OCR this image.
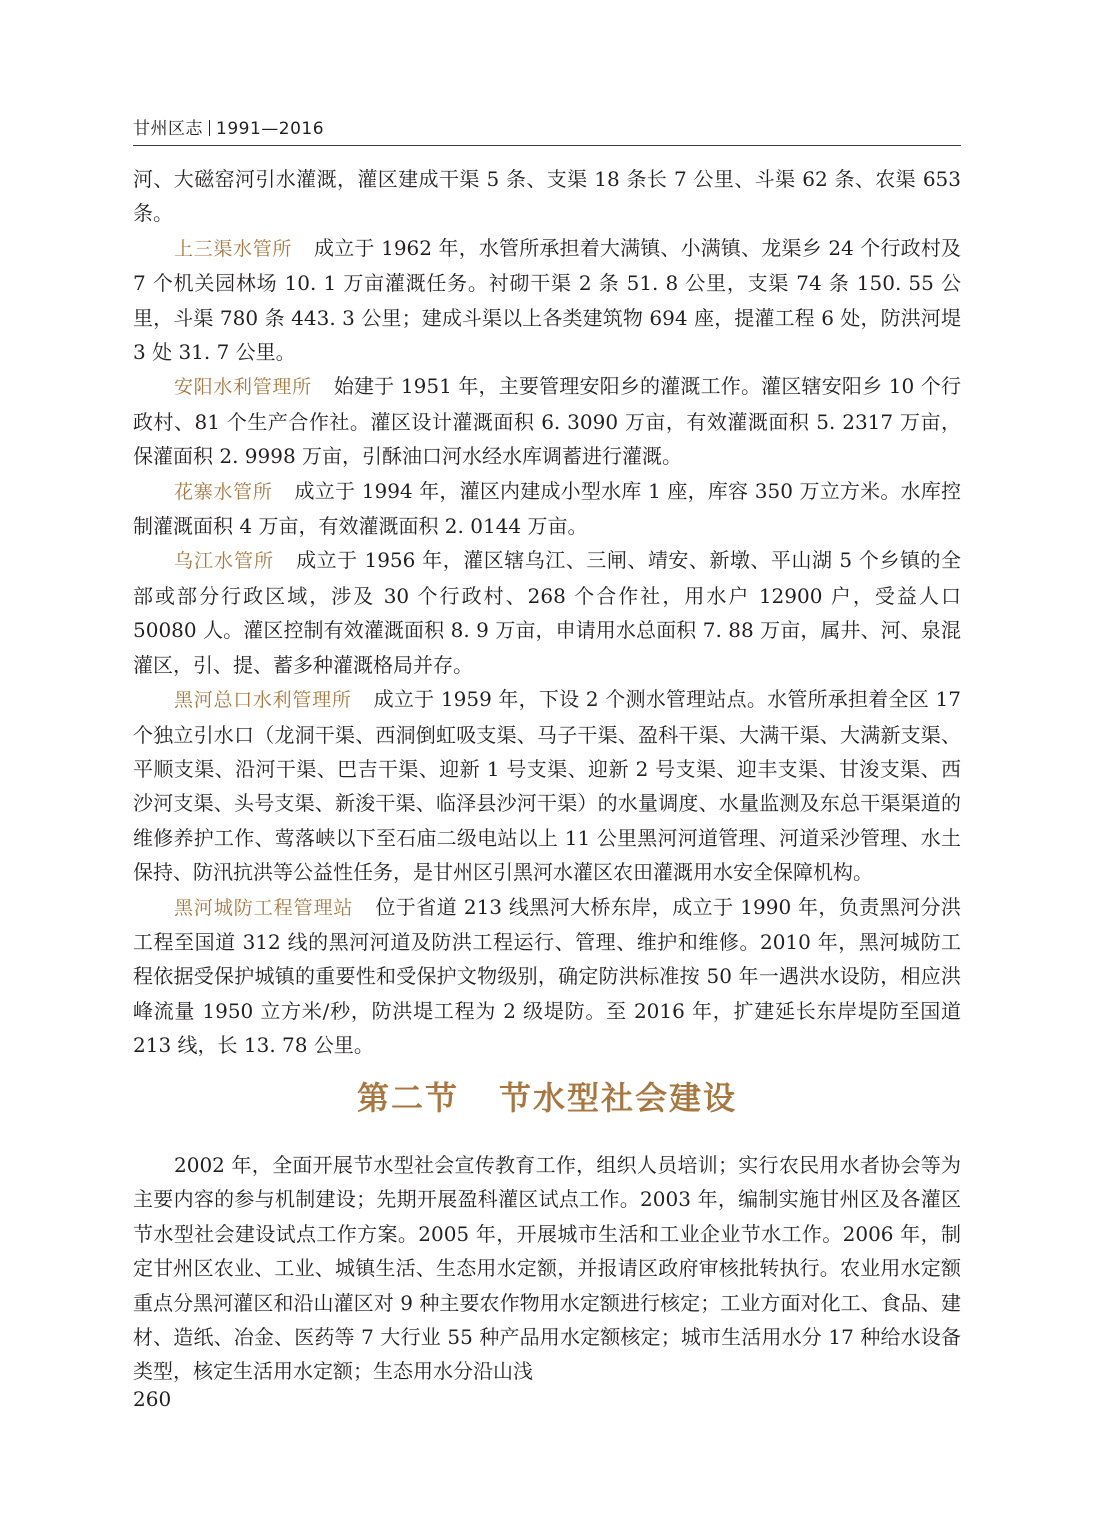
甘州区志 1991—2016

河、大磁窑河引水灌溉，灌区建成干渠 5 条、支渠 18 条长 7 公里、斗渠 62 条、农渠 653 条。

上三渠水管所 成立于 1962 年，水管所承担着大满镇、小满镇、龙渠乡 24 个行政村及 7 个机关园林场 10. 1 万亩灌溉任务。衬砌干渠 2 条 51. 8 公里，支渠 74 条 150. 55 公里，斗渠 780 条 443. 3 公里；建成斗渠以上各类建筑物 694 座，提灌工程 6 处，防洪河堤 3 处 31. 7 公里。

安阳水利管理所 始建于 1951 年，主要管理安阳乡的灌溉工作。灌区辖安阳乡 10 个行政村、81 个生产合作社。灌区设计灌溉面积 6. 3090 万亩，有效灌溉面积 5. 2317 万亩，保灌面积 2. 9998 万亩，引酥油口河水经水库调蓄进行灌溉。

花寨水管所 成立于 1994 年，灌区内建成小型水库 1 座，库容 350 万立方米。水库控制灌溉面积 4 万亩，有效灌溉面积 2. 0144 万亩。

乌江水管所 成立于 1956 年，灌区辖乌江、三闸、靖安、新墩、平山湖 5 个乡镇的全部或部分行政区域，涉及 30 个行政村、268 个合作社，用水户 12900 户，受益人口 50080 人。灌区控制有效灌溉面积 8. 9 万亩，申请用水总面积 7. 88 万亩，属井、河、泉混灌区，引、提、蓄多种灌溉格局并存。

黑河总口水利管理所 成立于 1959 年，下设 2 个测水管理站点。水管所承担着全区 17 个独立引水口（龙洞干渠、西洞倒虹吸支渠、马子干渠、盈科干渠、大满干渠、大满新支渠、平顺支渠、沿河干渠、巴吉干渠、迎新 1 号支渠、迎新 2 号支渠、迎丰支渠、甘浚支渠、西沙河支渠、头号支渠、新浚干渠、临泽县沙河干渠）的水量调度、水量监测及东总干渠渠道的维修养护工作、莺落峡以下至石庙二级电站以上 11 公里黑河河道管理、河道采沙管理、水土保持、防汛抗洪等公益性任务，是甘州区引黑河水灌区农田灌溉用水安全保障机构。

黑河城防工程管理站 位于省道 213 线黑河大桥东岸，成立于 1990 年，负责黑河分洪工程至国道 312 线的黑河河道及防洪工程运行、管理、维护和维修。2010 年，黑河城防工程依据受保护城镇的重要性和受保护文物级别，确定防洪标准按 50 年一遇洪水设防，相应洪峰流量 1950 立方米/秒，防洪堤工程为 2 级堤防。至 2016 年，扩建延长东岸堤防至国道 213 线，长 13. 78 公里。

第二节 节水型社会建设

2002 年，全面开展节水型社会宣传教育工作，组织人员培训；实行农民用水者协会等为主要内容的参与机制建设；先期开展盈科灌区试点工作。2003 年，编制实施甘州区及各灌区节水型社会建设试点工作方案。2005 年，开展城市生活和工业企业节水工作。2006 年，制定甘州区农业、工业、城镇生活、生态用水定额，并报请区政府审核批转执行。农业用水定额重点分黑河灌区和沿山灌区对 9 种主要农作物用水定额进行核定；工业方面对化工、食品、建材、造纸、冶金、医药等 7 大行业 55 种产品用水定额核定；城市生活用水分 17 种给水设备类型，核定生活用水定额；生态用水分沿山浅

260
